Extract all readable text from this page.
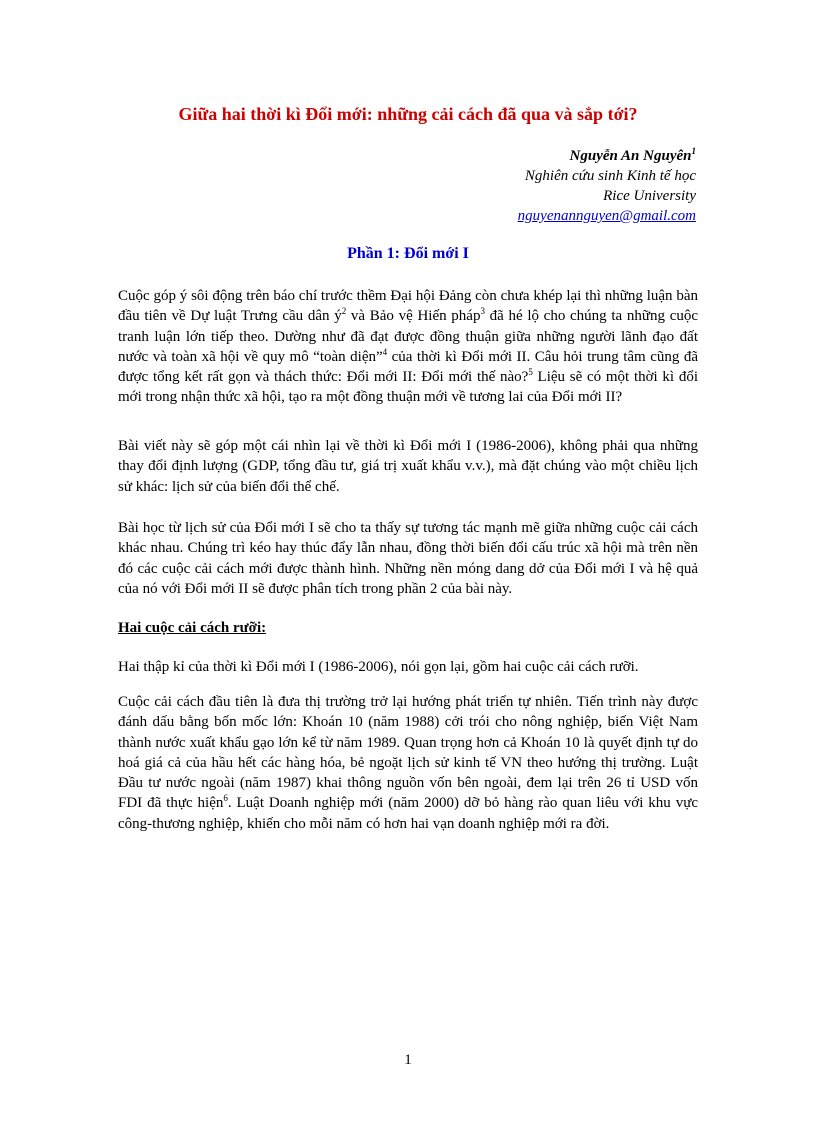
Giữa hai thời kì Đổi mới: những cải cách đã qua và sắp tới?
Nguyễn An Nguyên$^1$
Nghiên cứu sinh Kinh tế học
Rice University
nguyenannguyen@gmail.com
Phần 1: Đổi mới I
Cuộc góp ý sôi động trên báo chí trước thềm Đại hội Đảng còn chưa khép lại thì những luận bàn đầu tiên về Dự luật Trưng cầu dân $ý^2$ và Bảo vệ Hiến pháp$^3$ đã hé lộ cho chúng ta những cuộc tranh luận lớn tiếp theo. Dường như đã đạt được đồng thuận giữa những người lãnh đạo đất nước và toàn xã hội về quy mô “toàn diện”$^4$ của thời kì Đổi mới II. Câu hỏi trung tâm cũng đã được tổng kết rất gọn và thách thức: Đổi mới II: Đổi mới thế nào?$^5$ Liệu sẽ có một thời kì đổi mới trong nhận thức xã hội, tạo ra một đồng thuận mới về tương lai của Đổi mới II?
Bài viết này sẽ góp một cái nhìn lại về thời kì Đổi mới I (1986-2006), không phải qua những thay đổi định lượng (GDP, tổng đầu tư, giá trị xuất khẩu v.v.), mà đặt chúng vào một chiều lịch sử khác: lịch sử của biến đổi thể chế.
Bài học từ lịch sử của Đổi mới I sẽ cho ta thấy sự tương tác mạnh mẽ giữa những cuộc cải cách khác nhau. Chúng trì kéo hay thúc đẩy lẫn nhau, đồng thời biến đổi cấu trúc xã hội mà trên nền đó các cuộc cải cách mới được thành hình. Những nền móng dang dở của Đổi mới I và hệ quả của nó với Đổi mới II sẽ được phân tích trong phần 2 của bài này.
Hai cuộc cải cách rưỡi:
Hai thập kỉ của thời kì Đổi mới I (1986-2006), nói gọn lại, gồm hai cuộc cải cách rưỡi.
Cuộc cải cách đầu tiên là đưa thị trường trở lại hướng phát triển tự nhiên. Tiến trình này được đánh dấu bằng bốn mốc lớn: Khoán 10 (năm 1988) cởi trói cho nông nghiệp, biến Việt Nam thành nước xuất khẩu gạo lớn kể từ năm 1989. Quan trọng hơn cả Khoán 10 là quyết định tự do hoá giá cả của hầu hết các hàng hóa, bẻ ngoặt lịch sử kinh tế VN theo hướng thị trường. Luật Đầu tư nước ngoài (năm 1987) khai thông nguồn vốn bên ngoài, đem lại trên 26 tỉ USD vốn FDI đã thực hiện$^6$. Luật Doanh nghiệp mới (năm 2000) dỡ bỏ hàng rào quan liêu với khu vực công-thương nghiệp, khiến cho mỗi năm có hơn hai vạn doanh nghiệp mới ra đời.
1
